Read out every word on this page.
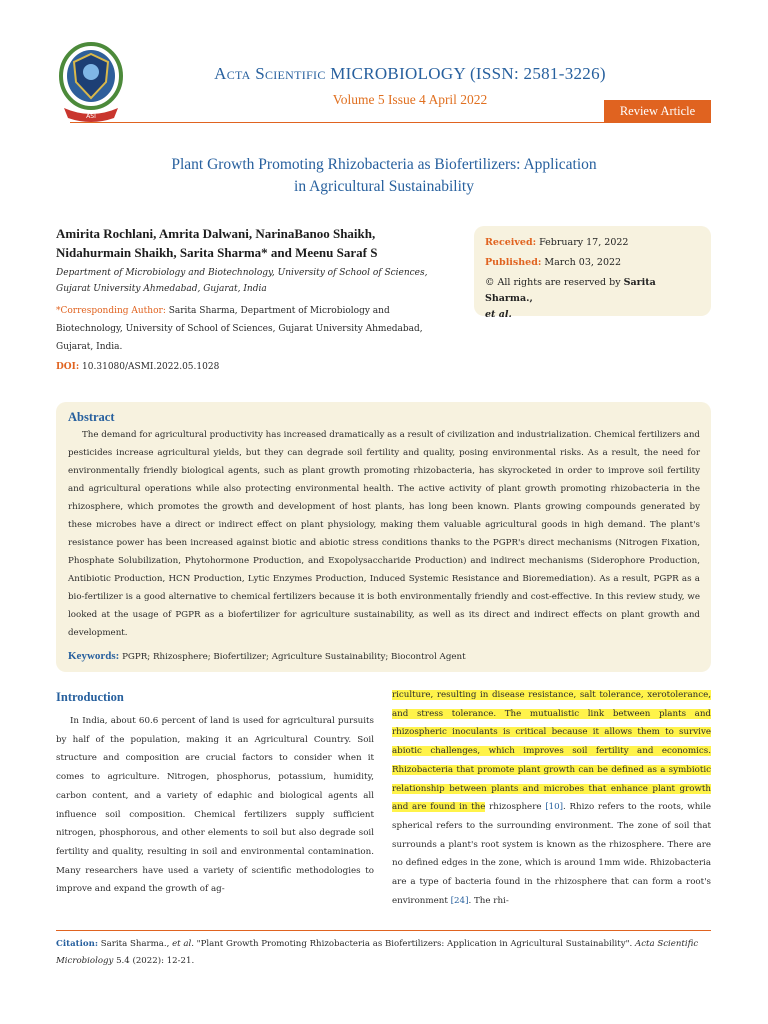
ASI
Acta Scientific MICROBIOLOGY (ISSN: 2581-3226)
Volume 5 Issue 4 April 2022
Review Article
Plant Growth Promoting Rhizobacteria as Biofertilizers: Application
in Agricultural Sustainability
Amirita Rochlani, Amrita Dalwani, NarinaBanoo Shaikh,
Nidahurmain Shaikh, Sarita Sharma* and Meenu Saraf S
Department of Microbiology and Biotechnology, University of School of Sciences,
Gujarat University Ahmedabad, Gujarat, India
*Corresponding Author: Sarita Sharma, Department of Microbiology and
Biotechnology, University of School of Sciences, Gujarat University Ahmedabad,
Gujarat, India.
DOI: 10.31080/ASMI.2022.05.1028
Received: February 17, 2022
Published: March 03, 2022
© All rights are reserved by Sarita Sharma.,
et al.
Abstract
The demand for agricultural productivity has increased dramatically as a result of civilization and industrialization. Chemical fertilizers and pesticides increase agricultural yields, but they can degrade soil fertility and quality, posing environmental risks. As a result, the need for environmentally friendly biological agents, such as plant growth promoting rhizobacteria, has skyrocketed in order to improve soil fertility and agricultural operations while also protecting environmental health. The active activity of plant growth promoting rhizobacteria in the rhizosphere, which promotes the growth and development of host plants, has long been known. Plants growing compounds generated by these microbes have a direct or indirect effect on plant physiology, making them valuable agricultural goods in high demand. The plant's resistance power has been increased against biotic and abiotic stress conditions thanks to the PGPR's direct mechanisms (Nitrogen Fixation, Phosphate Solubilization, Phytohormone Production, and Exopolysaccharide Production) and indirect mechanisms (Siderophore Production, Antibiotic Production, HCN Production, Lytic Enzymes Production, Induced Systemic Resistance and Bioremediation). As a result, PGPR as a bio-fertilizer is a good alternative to chemical fertilizers because it is both environmentally friendly and cost-effective. In this review study, we looked at the usage of PGPR as a biofertilizer for agriculture sustainability, as well as its direct and indirect effects on plant growth and development.
Keywords: PGPR; Rhizosphere; Biofertilizer; Agriculture Sustainability; Biocontrol Agent
Introduction
In India, about 60.6 percent of land is used for agricultural pursuits by half of the population, making it an Agricultural Country. Soil structure and composition are crucial factors to consider when it comes to agriculture. Nitrogen, phosphorus, potassium, humidity, carbon content, and a variety of edaphic and biological agents all influence soil composition. Chemical fertilizers supply sufficient nitrogen, phosphorous, and other elements to soil but also degrade soil fertility and quality, resulting in soil and environmental contamination. Many researchers have used a variety of scientific methodologies to improve and expand the growth of ag-
riculture, resulting in disease resistance, salt tolerance, xerotolerance, and stress tolerance. The mutualistic link between plants and rhizospheric inoculants is critical because it allows them to survive abiotic challenges, which improves soil fertility and economics. Rhizobacteria that promote plant growth can be defined as a symbiotic relationship between plants and microbes that enhance plant growth and are found in the rhizosphere [10]. Rhizo refers to the roots, while spherical refers to the surrounding environment. The zone of soil that surrounds a plant's root system is known as the rhizosphere. There are no defined edges in the zone, which is around 1mm wide. Rhizobacteria are a type of bacteria found in the rhizosphere that can form a root's environment [24]. The rhi-
Citation: Sarita Sharma., et al. "Plant Growth Promoting Rhizobacteria as Biofertilizers: Application in Agricultural Sustainability". Acta Scientific Microbiology 5.4 (2022): 12-21.
